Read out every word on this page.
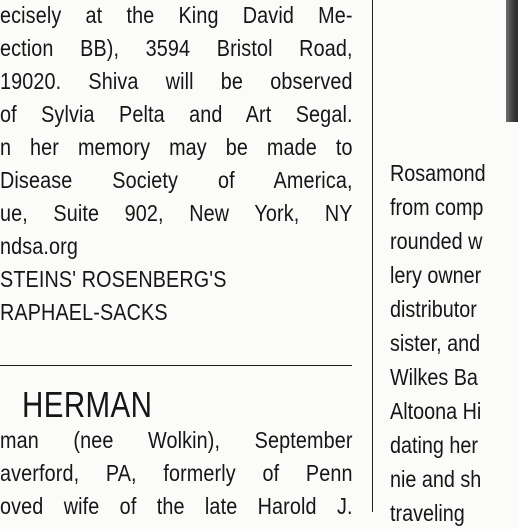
ecisely at the King David Me-
ection BB), 3594 Bristol Road,
19020. Shiva will be observed
of Sylvia Pelta and Art Segal.
n her memory may be made to
Disease Society of America,
ue, Suite 902, New York, NY
ndsa.org
STEINS' ROSENBERG'S
RAPHAEL-SACKS
HERMAN
man (nee Wolkin), September
averford, PA, formerly of Penn
oved wife of the late Harold J.
Rosamond
from comp
rounded w
lery owner
distributor
sister, and
Wilkes Ba
Altoona Hi
dating her
nie and sh
traveling
